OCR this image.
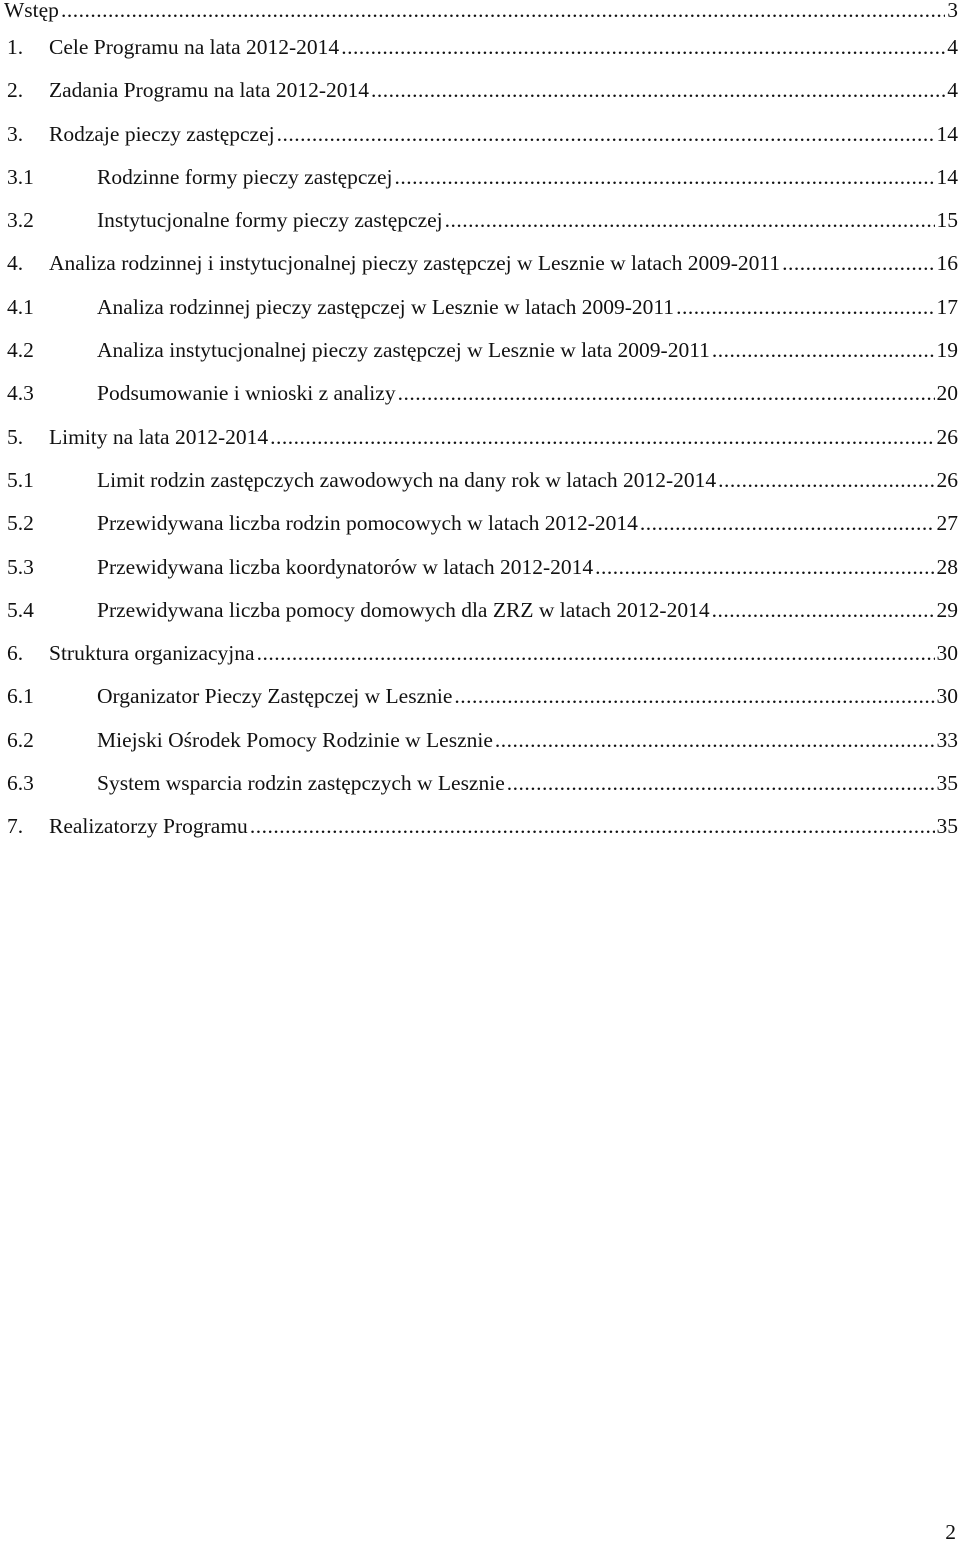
Wstęp .....	3
1.	Cele Programu na lata 2012-2014 .....	4
2.	Zadania Programu na lata 2012-2014 .....	4
3.	Rodzaje pieczy zastępczej .....	14
3.1	Rodzinne formy pieczy zastępczej .....	14
3.2	Instytucjonalne formy pieczy zastępczej .....	15
4.	Analiza rodzinnej i instytucjonalnej pieczy zastępczej w Lesznie w latach 2009-2011 .....	16
4.1	Analiza rodzinnej pieczy zastępczej w Lesznie w latach 2009-2011 .....	17
4.2	Analiza instytucjonalnej pieczy zastępczej w Lesznie w lata 2009-2011 .....	19
4.3	Podsumowanie i wnioski z analizy .....	20
5.	Limity na lata 2012-2014 .....	26
5.1	Limit rodzin zastępczych zawodowych na dany rok w latach 2012-2014 .....	26
5.2	Przewidywana liczba rodzin pomocowych w latach 2012-2014 .....	27
5.3	Przewidywana liczba koordynatorów w latach 2012-2014 .....	28
5.4	Przewidywana liczba pomocy domowych dla ZRZ w latach 2012-2014 .....	29
6.	Struktura organizacyjna .....	30
6.1	Organizator Pieczy Zastępczej w Lesznie .....	30
6.2	Miejski Ośrodek Pomocy Rodzinie w Lesznie .....	33
6.3	System wsparcia rodzin zastępczych w Lesznie .....	35
7.	Realizatorzy Programu .....	35
2
